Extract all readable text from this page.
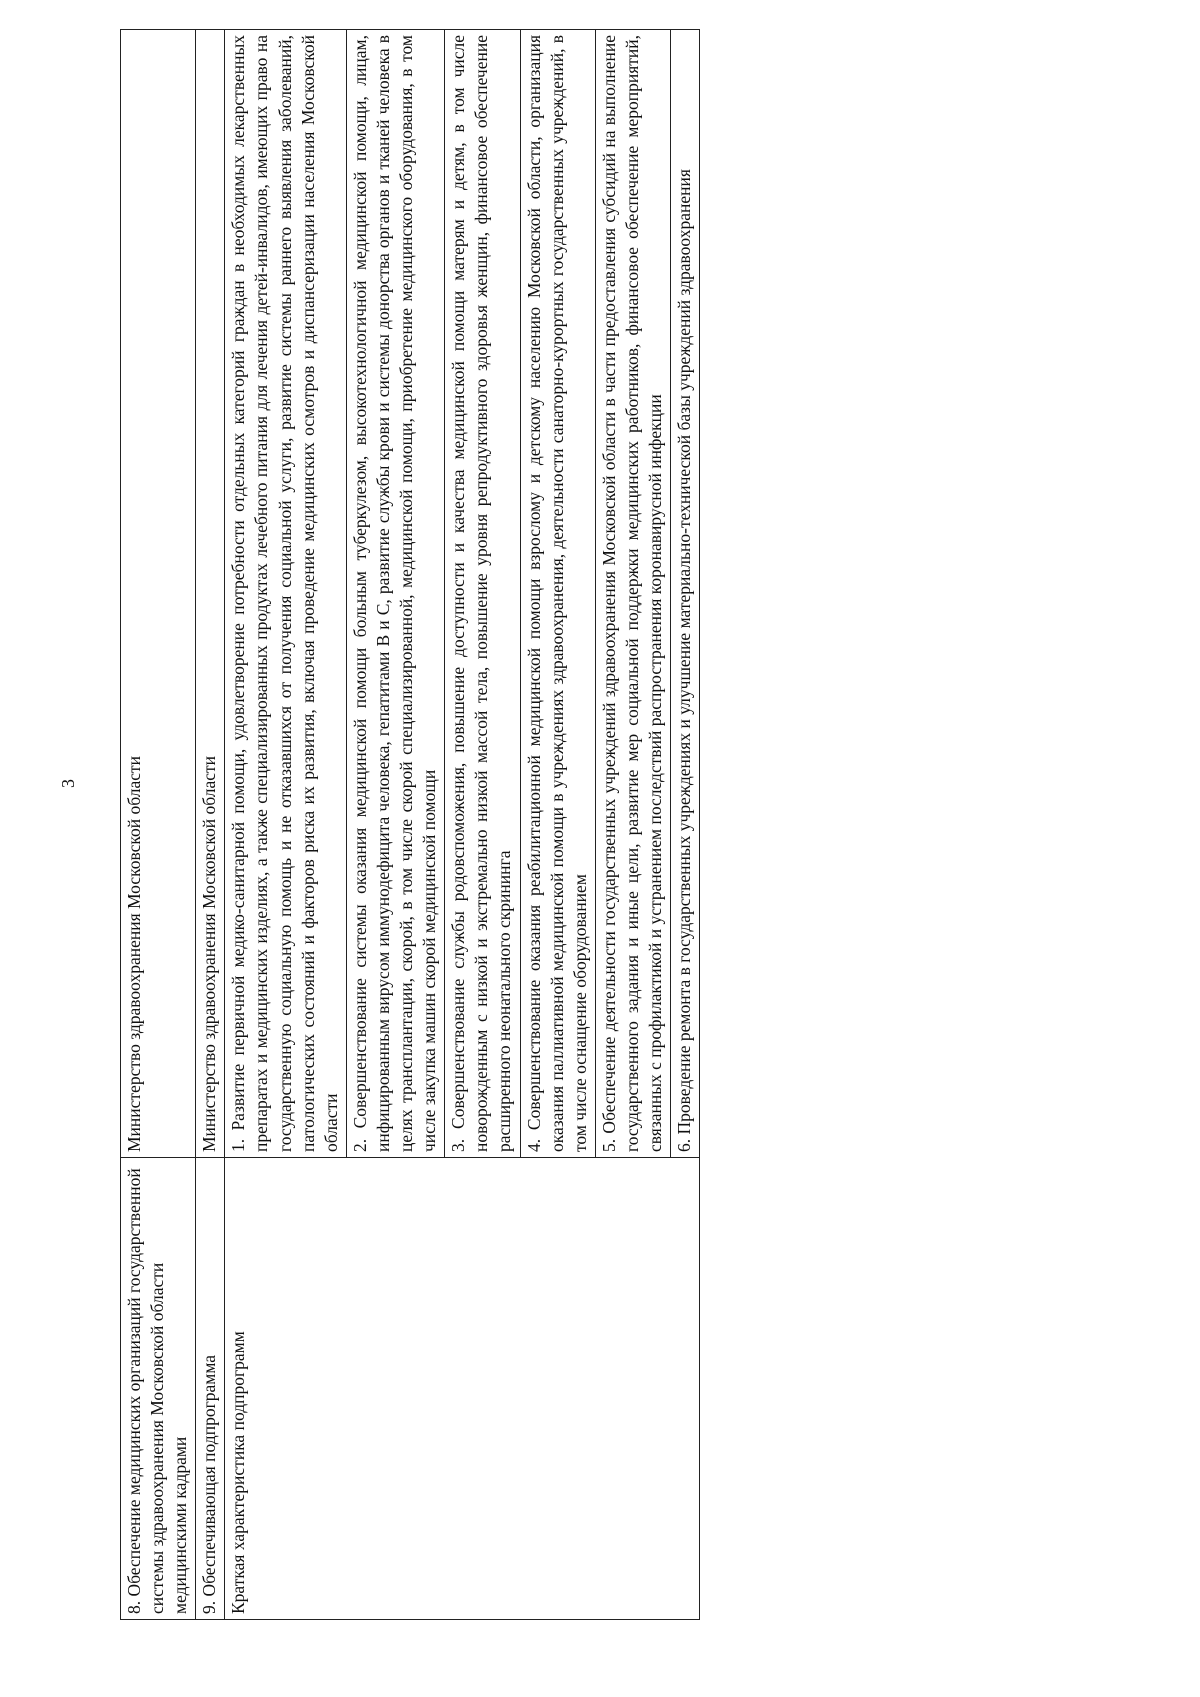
3
8. Обеспечение медицинских организаций государственной системы здравоохранения Московской области медицинскими кадрами	Министерство здравоохранения Московской области
9. Обеспечивающая подпрограмма	Министерство здравоохранения Московской области
Краткая характеристика подпрограмм	1. Развитие первичной медико-санитарной помощи, удовлетворение потребности отдельных категорий граждан в необходимых лекарственных препаратах и медицинских изделиях, а также специализированных продуктах лечебного питания для лечения детей-инвалидов, имеющих право на государственную социальную помощь и не отказавшихся от получения социальной услуги, развитие системы раннего выявления заболеваний, патологических состояний и факторов риска их развития, включая проведение медицинских осмотров и диспансеризации населения Московской области
	2. Совершенствование системы оказания медицинской помощи больным туберкулезом, высокотехнологичной медицинской помощи, лицам, инфицированным вирусом иммунодефицита человека, гепатитами В и С, развитие службы крови и системы донорства органов и тканей человека в целях трансплантации, скорой, в том числе скорой специализированной, медицинской помощи, приобретение медицинского оборудования, в том числе закупка машин скорой медицинской помощи
	3. Совершенствование службы родовспоможения, повышение доступности и качества медицинской помощи матерям и детям, в том числе новорожденным с низкой и экстремально низкой массой тела, повышение уровня репродуктивного здоровья женщин, финансовое обеспечение расширенного неонатального скрининга
	4. Совершенствование оказания реабилитационной медицинской помощи взрослому и детскому населению Московской области, организация оказания паллиативной медицинской помощи в учреждениях здравоохранения, деятельности санаторно-курортных государственных учреждений, в том числе оснащение оборудованием
	5. Обеспечение деятельности государственных учреждений здравоохранения Московской области в части предоставления субсидий на выполнение государственного задания и иные цели, развитие мер социальной поддержки медицинских работников, финансовое обеспечение мероприятий, связанных с профилактикой и устранением последствий распространения коронавирусной инфекции
	6. Проведение ремонта в государственных учреждениях и улучшение материально-технической базы учреждений здравоохранения
